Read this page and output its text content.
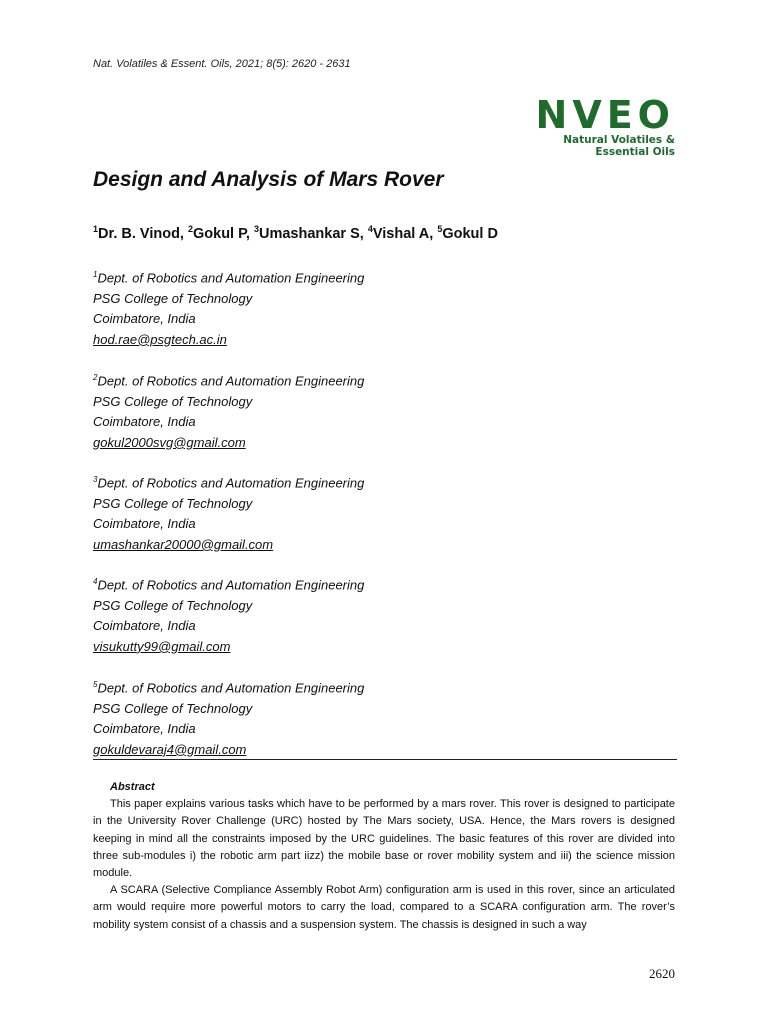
Nat. Volatiles & Essent. Oils, 2021; 8(5): 2620 - 2631
NVEO
Natural Volatiles &
Essential Oils
Design and Analysis of Mars Rover
$^1$Dr. B. Vinod, $^2$Gokul P, $^3$Umashankar S, $^4$Vishal A, $^5$Gokul D
$^1$Dept. of Robotics and Automation Engineering
PSG College of Technology
Coimbatore, India
hod.rae@psgtech.ac.in
$^2$Dept. of Robotics and Automation Engineering
PSG College of Technology
Coimbatore, India
gokul2000svg@gmail.com
$^3$Dept. of Robotics and Automation Engineering
PSG College of Technology
Coimbatore, India
umashankar20000@gmail.com
$^4$Dept. of Robotics and Automation Engineering
PSG College of Technology
Coimbatore, India
visukutty99@gmail.com
$^5$Dept. of Robotics and Automation Engineering
PSG College of Technology
Coimbatore, India
gokuldevaraj4@gmail.com
Abstract

This paper explains various tasks which have to be performed by a mars rover. This rover is designed to participate in the University Rover Challenge (URC) hosted by The Mars society, USA. Hence, the Mars rovers is designed keeping in mind all the constraints imposed by the URC guidelines. The basic features of this rover are divided into three sub-modules i) the robotic arm part iizz) the mobile base or rover mobility system and iii) the science mission module.

A SCARA (Selective Compliance Assembly Robot Arm) configuration arm is used in this rover, since an articulated arm would require more powerful motors to carry the load, compared to a SCARA configuration arm. The rover’s mobility system consist of a chassis and a suspension system. The chassis is designed in such a way

2620
